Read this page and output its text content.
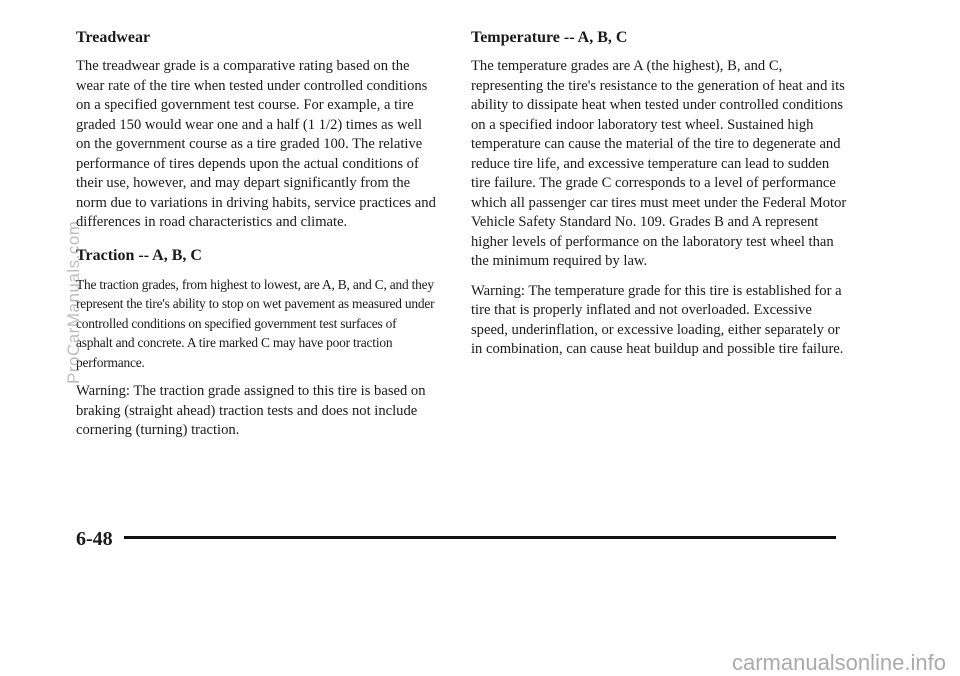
Treadwear

The treadwear grade is a comparative rating based on the wear rate of the tire when tested under controlled conditions on a specified government test course. For example, a tire graded 150 would wear one and a half (1 1/2) times as well on the government course as a tire graded 100. The relative performance of tires depends upon the actual conditions of their use, however, and may depart significantly from the norm due to variations in driving habits, service practices and differences in road characteristics and climate.

Traction -- A, B, C

The traction grades, from highest to lowest, are A, B, and C, and they represent the tire's ability to stop on wet pavement as measured under controlled conditions on specified government test surfaces of asphalt and concrete. A tire marked C may have poor traction performance.

Warning: The traction grade assigned to this tire is based on braking (straight ahead) traction tests and does not include cornering (turning) traction.

Temperature -- A, B, C

The temperature grades are A (the highest), B, and C, representing the tire's resistance to the generation of heat and its ability to dissipate heat when tested under controlled conditions on a specified indoor laboratory test wheel. Sustained high temperature can cause the material of the tire to degenerate and reduce tire life, and excessive temperature can lead to sudden tire failure. The grade C corresponds to a level of performance which all passenger car tires must meet under the Federal Motor Vehicle Safety Standard No. 109. Grades B and A represent higher levels of performance on the laboratory test wheel than the minimum required by law.

Warning: The temperature grade for this tire is established for a tire that is properly inflated and not overloaded. Excessive speed, underinflation, or excessive loading, either separately or in combination, can cause heat buildup and possible tire failure.

6-48
ProCarManuals.com
carmanualsonline.info
